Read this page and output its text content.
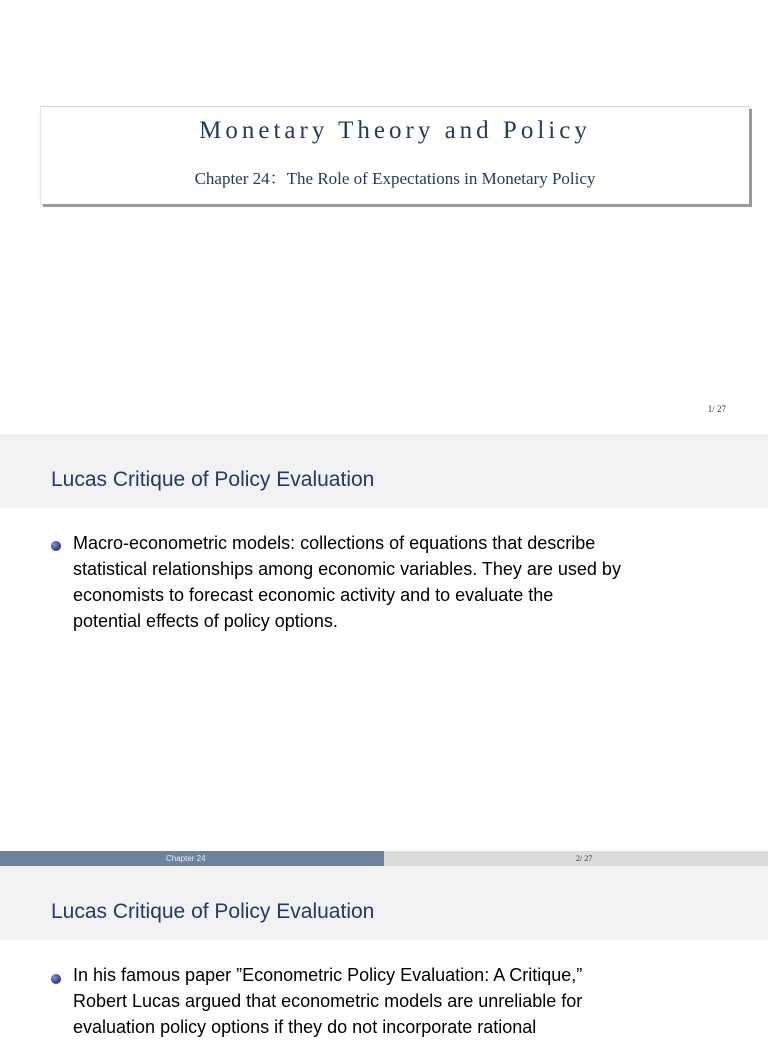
Monetary Theory and Policy
Chapter 24：The Role of Expectations in Monetary Policy
1/ 27
Lucas Critique of Policy Evaluation
Macro-econometric models: collections of equations that describe
statistical relationships among economic variables. They are used by
economists to forecast economic activity and to evaluate the
potential effects of policy options.
Chapter 24	2/ 27
Lucas Critique of Policy Evaluation
In his famous paper ”Econometric Policy Evaluation: A Critique,”
Robert Lucas argued that econometric models are unreliable for
evaluation policy options if they do not incorporate rational
